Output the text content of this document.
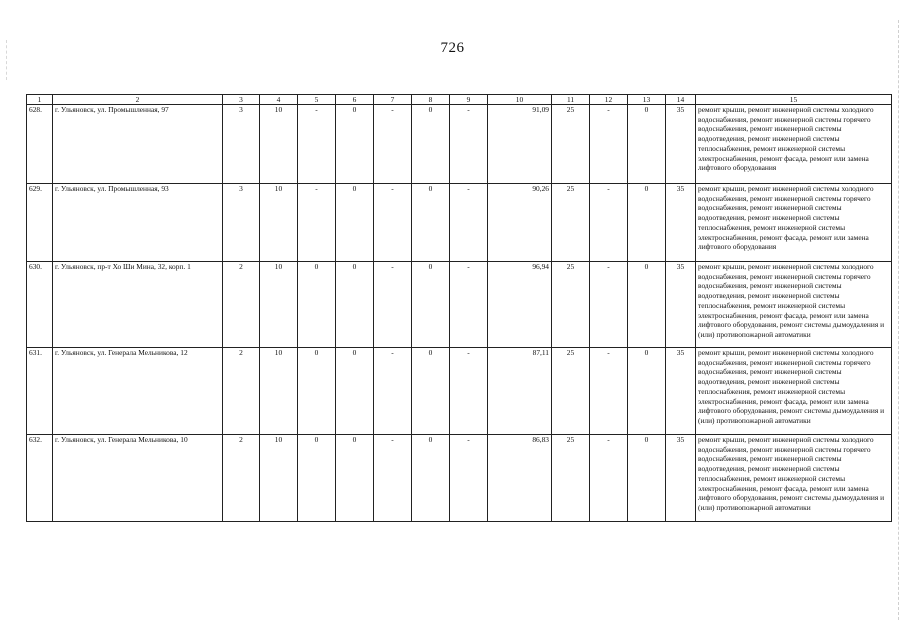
726
1	2	3	4	5	6	7	8	9	10	11	12	13	14	15
628.	г. Ульяновск, ул. Промышленная, 97	3	10	-	0	-	0	-	91,09	25	-	0	35	ремонт крыши, ремонт инженерной системы холодного водоснабжения, ремонт инженерной системы горячего водоснабжения, ремонт инженерной системы водоотведения, ремонт инженерной системы теплоснабжения, ремонт инженерной системы электроснабжения, ремонт фасада, ремонт или замена лифтового оборудования
629.	г. Ульяновск, ул. Промышленная, 93	3	10	-	0	-	0	-	90,26	25	-	0	35	ремонт крыши, ремонт инженерной системы холодного водоснабжения, ремонт инженерной системы горячего водоснабжения, ремонт инженерной системы водоотведения, ремонт инженерной системы теплоснабжения, ремонт инженерной системы электроснабжения, ремонт фасада, ремонт или замена лифтового оборудования
630.	г. Ульяновск, пр-т Хо Ши Мина, 32, корп. 1	2	10	0	0	-	0	-	96,94	25	-	0	35	ремонт крыши, ремонт инженерной системы холодного водоснабжения, ремонт инженерной системы горячего водоснабжения, ремонт инженерной системы водоотведения, ремонт инженерной системы теплоснабжения, ремонт инженерной системы электроснабжения, ремонт фасада, ремонт или замена лифтового оборудования, ремонт системы дымоудаления и (или) противопожарной автоматики
631.	г. Ульяновск, ул. Генерала Мельникова, 12	2	10	0	0	-	0	-	87,11	25	-	0	35	ремонт крыши, ремонт инженерной системы холодного водоснабжения, ремонт инженерной системы горячего водоснабжения, ремонт инженерной системы водоотведения, ремонт инженерной системы теплоснабжения, ремонт инженерной системы электроснабжения, ремонт фасада, ремонт или замена лифтового оборудования, ремонт системы дымоудаления и (или) противопожарной автоматики
632.	г. Ульяновск, ул. Генерала Мельникова, 10	2	10	0	0	-	0	-	86,83	25	-	0	35	ремонт крыши, ремонт инженерной системы холодного водоснабжения, ремонт инженерной системы горячего водоснабжения, ремонт инженерной системы водоотведения, ремонт инженерной системы теплоснабжения, ремонт инженерной системы электроснабжения, ремонт фасада, ремонт или замена лифтового оборудования, ремонт системы дымоудаления и (или) противопожарной автоматики
